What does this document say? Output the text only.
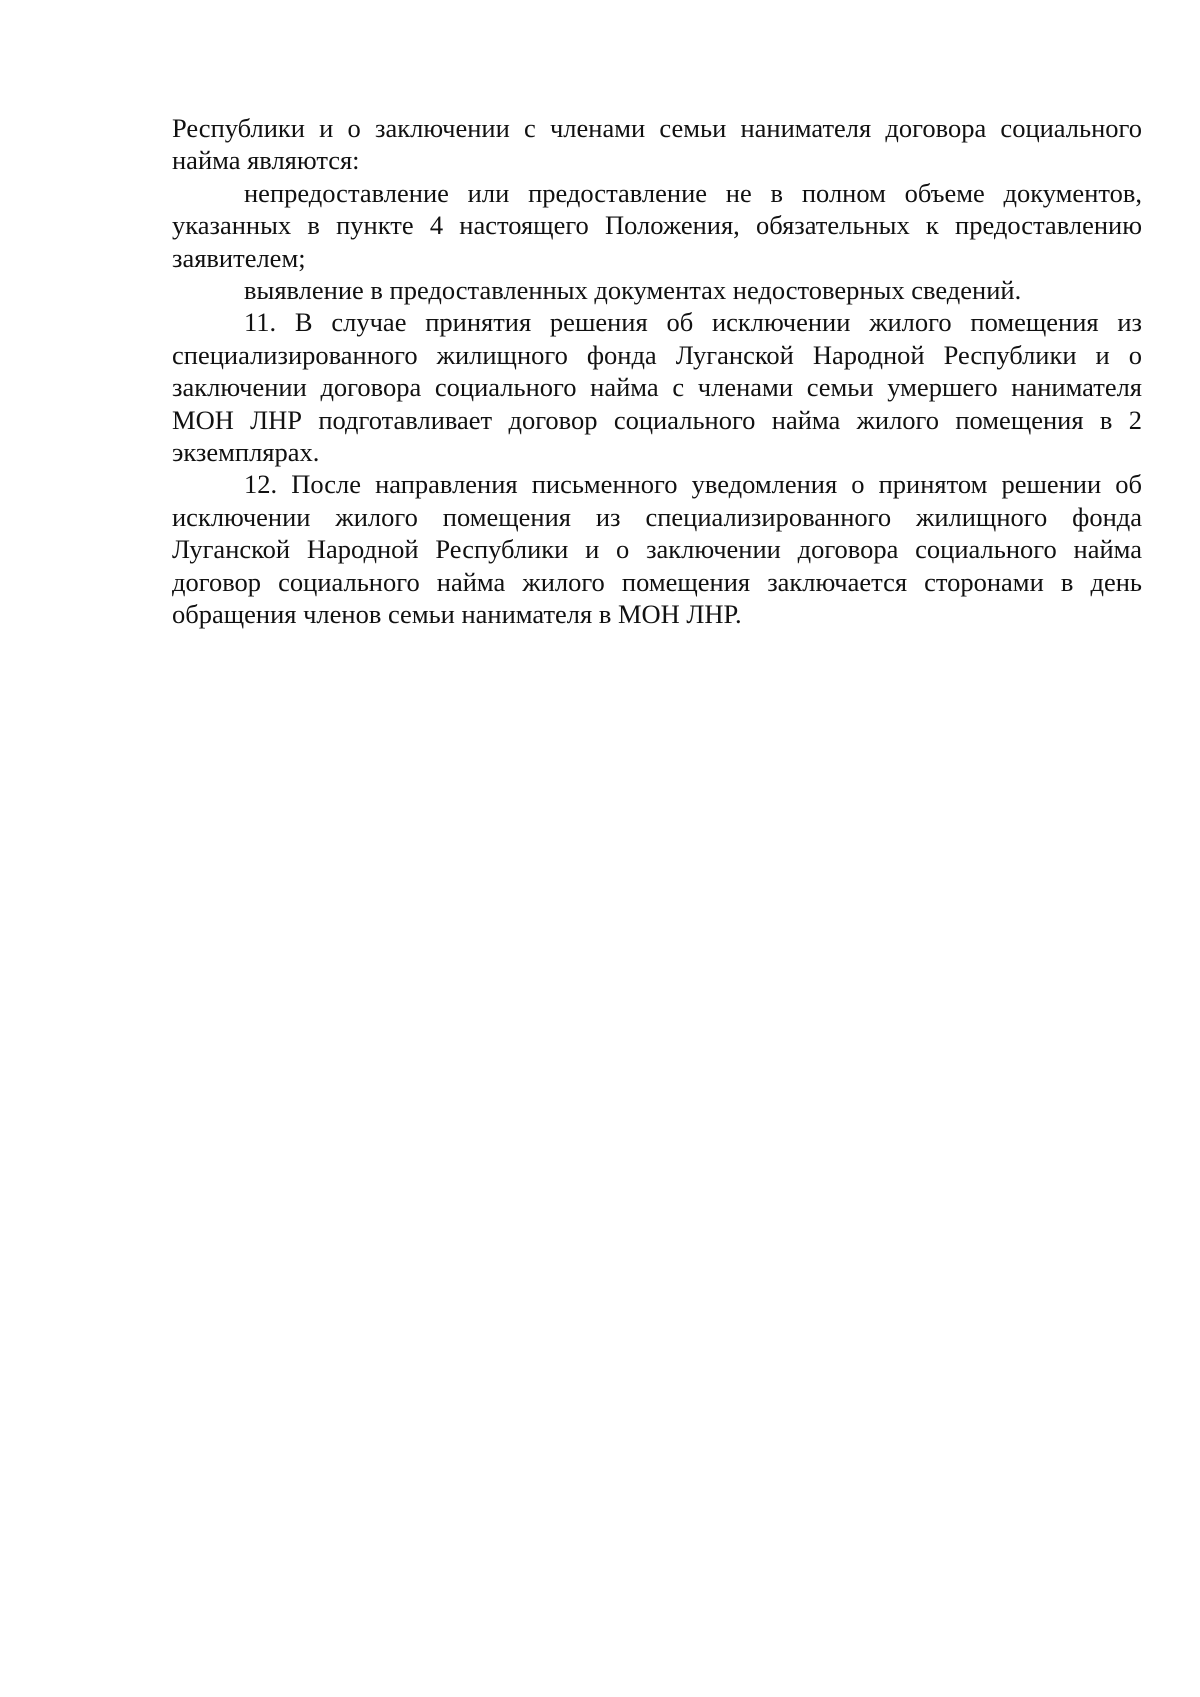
Республики и о заключении с членами семьи нанимателя договора социального найма являются:

непредоставление или предоставление не в полном объеме документов, указанных в пункте 4 настоящего Положения, обязательных к предоставлению заявителем;

выявление в предоставленных документах недостоверных сведений.

11. В случае принятия решения об исключении жилого помещения из специализированного жилищного фонда Луганской Народной Республики и о заключении договора социального найма с членами семьи умершего нанимателя МОН ЛНР подготавливает договор социального найма жилого помещения в 2 экземплярах.

12. После направления письменного уведомления о принятом решении об исключении жилого помещения из специализированного жилищного фонда Луганской Народной Республики и о заключении договора социального найма договор социального найма жилого помещения заключается сторонами в день обращения членов семьи нанимателя в МОН ЛНР.
